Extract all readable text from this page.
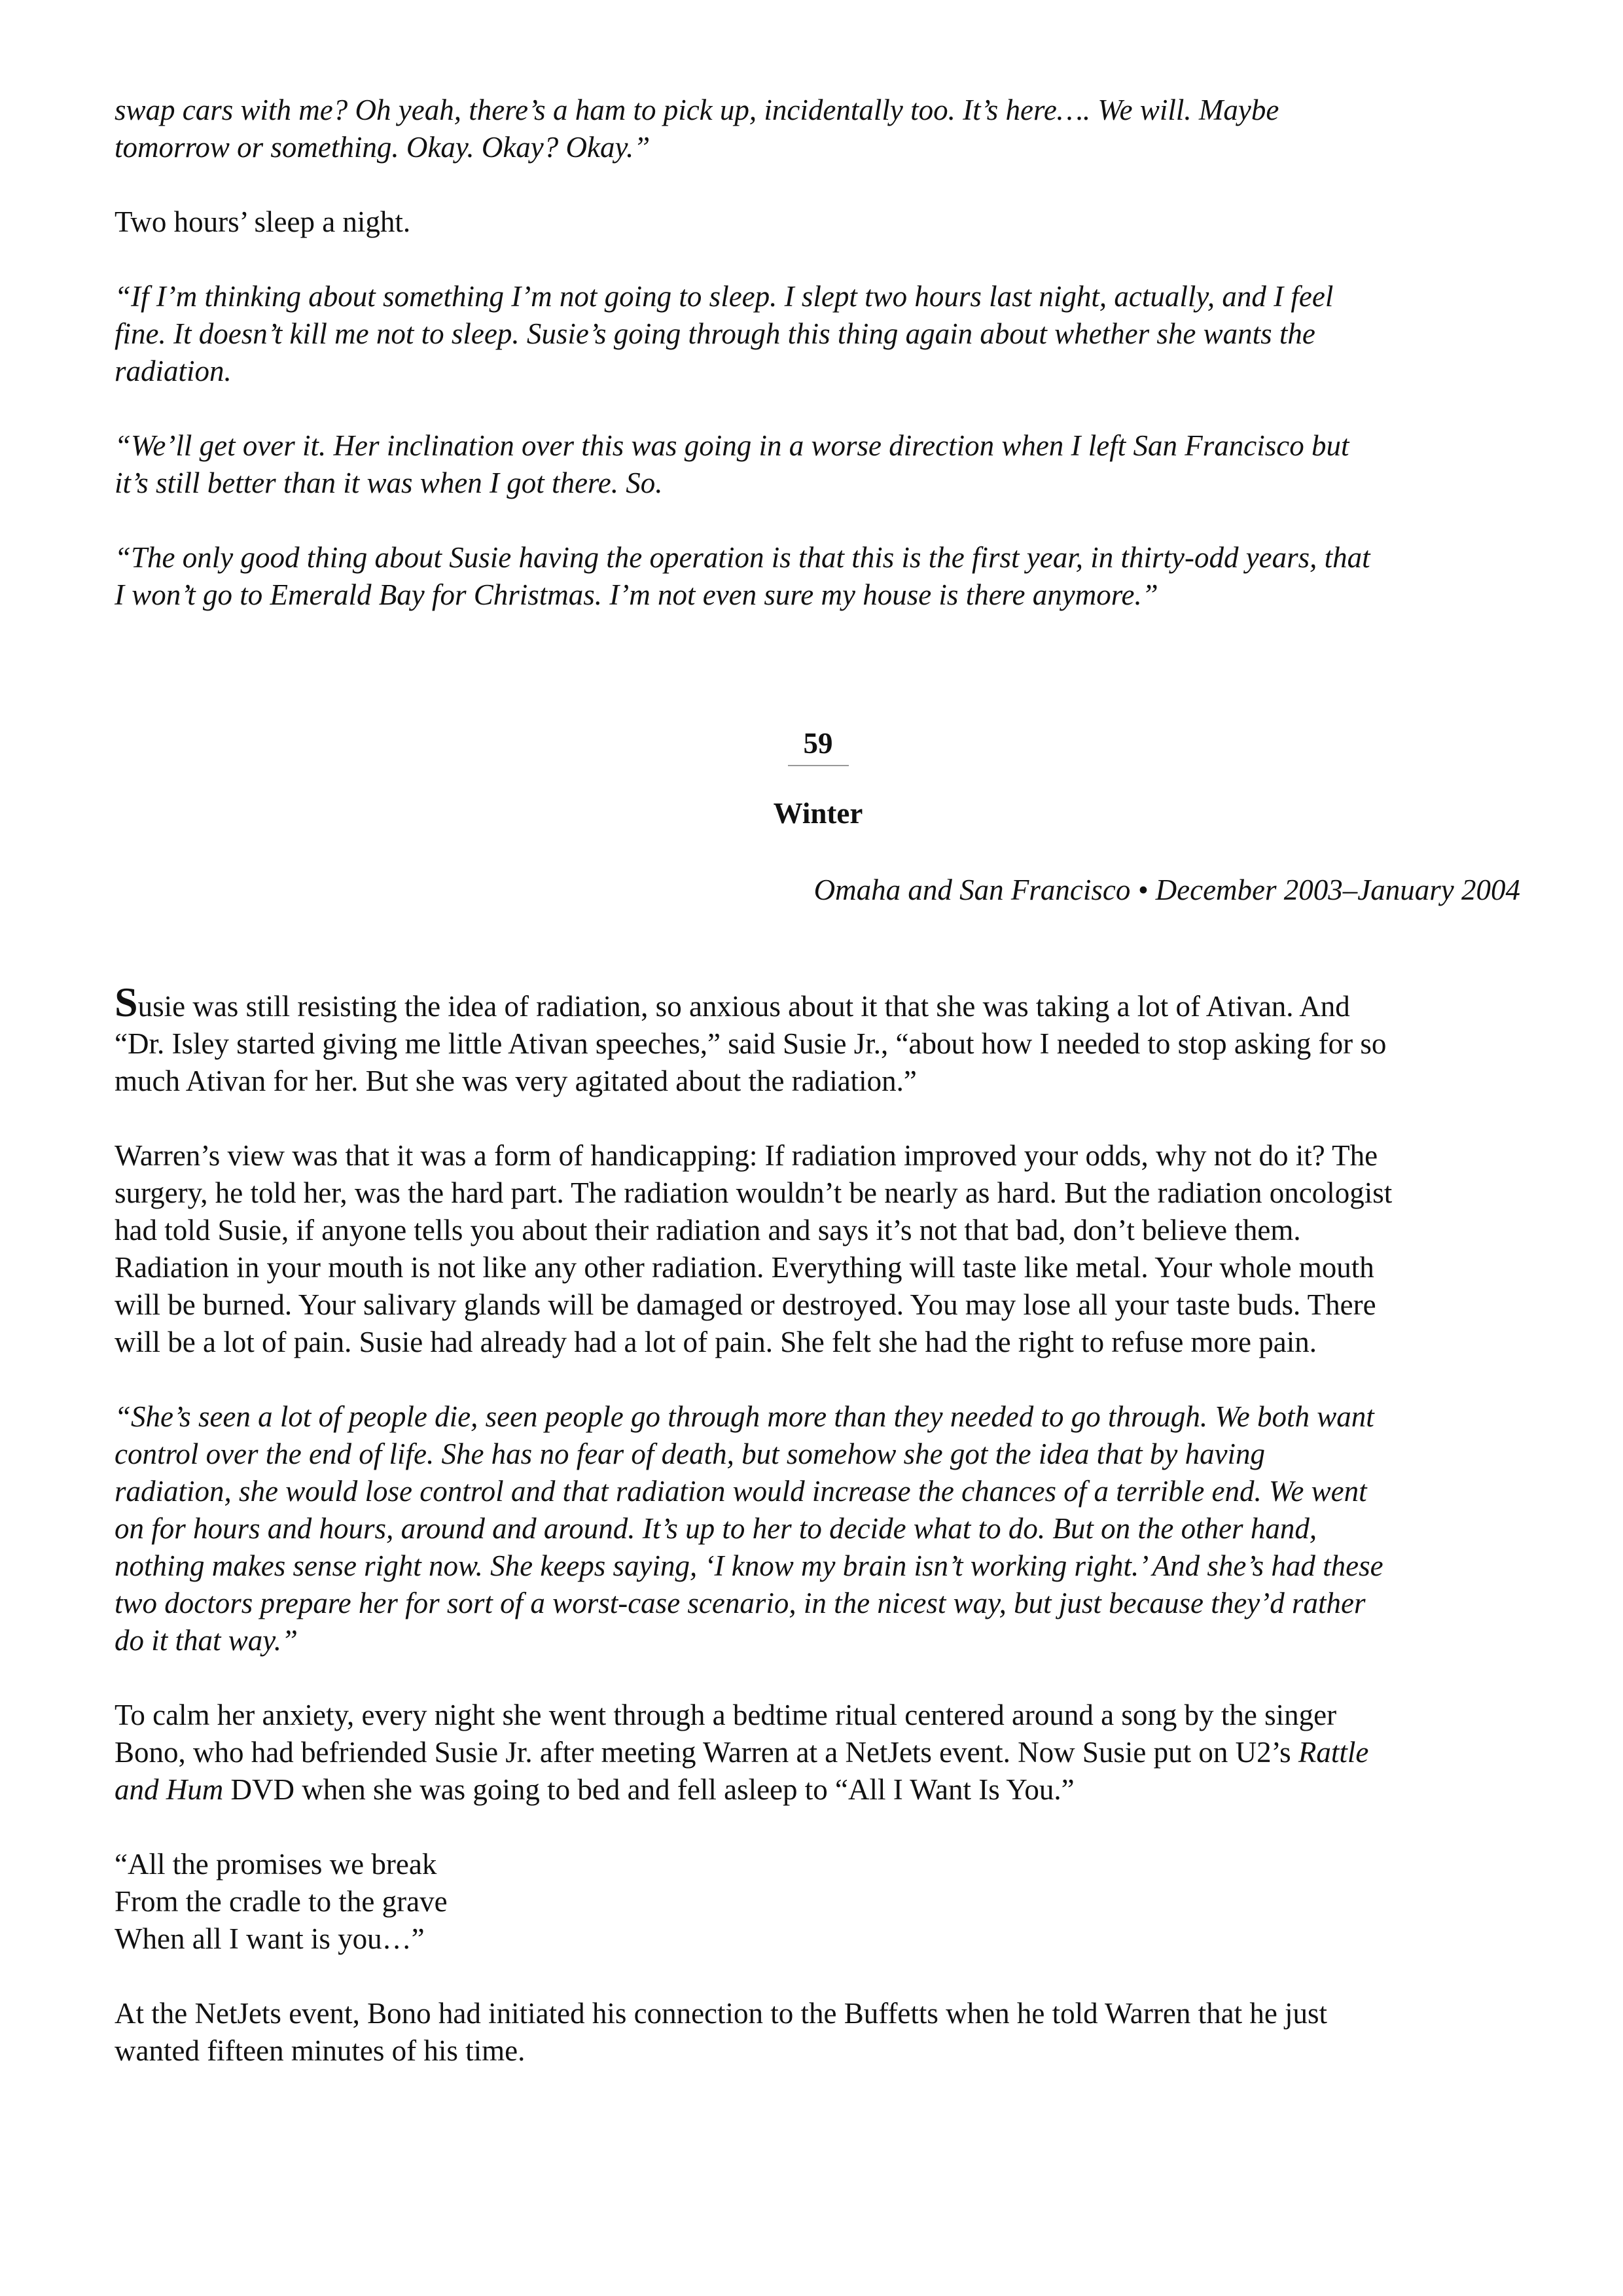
swap cars with me? Oh yeah, there’s a ham to pick up, incidentally too. It’s here…. We will. Maybe
tomorrow or something. Okay. Okay? Okay.”

Two hours’ sleep a night.

“If I’m thinking about something I’m not going to sleep. I slept two hours last night, actually, and I feel
fine. It doesn’t kill me not to sleep. Susie’s going through this thing again about whether she wants the
radiation.

“We’ll get over it. Her inclination over this was going in a worse direction when I left San Francisco but
it’s still better than it was when I got there. So.

“The only good thing about Susie having the operation is that this is the first year, in thirty-odd years, that
I won’t go to Emerald Bay for Christmas. I’m not even sure my house is there anymore.”

59
Winter
Omaha and San Francisco • December 2003–January 2004

Susie was still resisting the idea of radiation, so anxious about it that she was taking a lot of Ativan. And
“Dr. Isley started giving me little Ativan speeches,” said Susie Jr., “about how I needed to stop asking for so
much Ativan for her. But she was very agitated about the radiation.”

Warren’s view was that it was a form of handicapping: If radiation improved your odds, why not do it? The
surgery, he told her, was the hard part. The radiation wouldn’t be nearly as hard. But the radiation oncologist
had told Susie, if anyone tells you about their radiation and says it’s not that bad, don’t believe them.
Radiation in your mouth is not like any other radiation. Everything will taste like metal. Your whole mouth
will be burned. Your salivary glands will be damaged or destroyed. You may lose all your taste buds. There
will be a lot of pain. Susie had already had a lot of pain. She felt she had the right to refuse more pain.

“She’s seen a lot of people die, seen people go through more than they needed to go through. We both want
control over the end of life. She has no fear of death, but somehow she got the idea that by having
radiation, she would lose control and that radiation would increase the chances of a terrible end. We went
on for hours and hours, around and around. It’s up to her to decide what to do. But on the other hand,
nothing makes sense right now. She keeps saying, ‘I know my brain isn’t working right.’ And she’s had these
two doctors prepare her for sort of a worst-case scenario, in the nicest way, but just because they’d rather
do it that way.”

To calm her anxiety, every night she went through a bedtime ritual centered around a song by the singer
Bono, who had befriended Susie Jr. after meeting Warren at a NetJets event. Now Susie put on U2’s Rattle
and Hum DVD when she was going to bed and fell asleep to “All I Want Is You.”

“All the promises we break

From the cradle to the grave

When all I want is you…”

At the NetJets event, Bono had initiated his connection to the Buffetts when he told Warren that he just
wanted fifteen minutes of his time.
